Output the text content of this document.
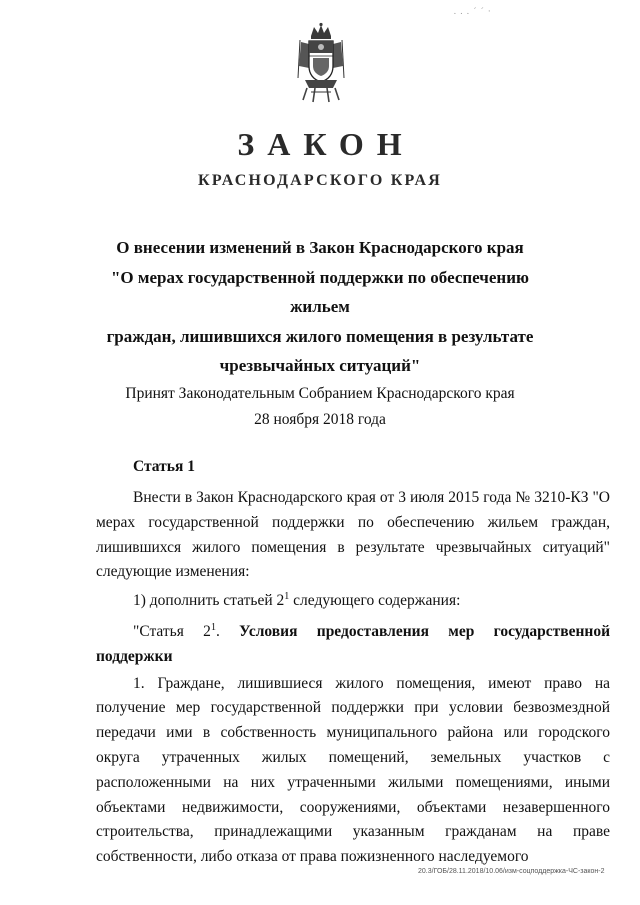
. . . ˊ ˊ ·
ЗАКОН
КРАСНОДАРСКОГО КРАЯ
О внесении изменений в Закон Краснодарского края
"О мерах государственной поддержки по обеспечению жильем
граждан, лишившихся жилого помещения в результате
чрезвычайных ситуаций"
Принят Законодательным Собранием Краснодарского края
28 ноября 2018 года
Статья 1

Внести в Закон Краснодарского края от 3 июля 2015 года № 3210-КЗ "О мерах государственной поддержки по обеспечению жильем граждан, лишившихся жилого помещения в результате чрезвычайных ситуаций" следующие изменения:

1) дополнить статьей $2^1$ следующего содержания:

"Статья $2^1$. Условия предоставления мер государственной поддержки

1. Граждане, лишившиеся жилого помещения, имеют право на получение мер государственной поддержки при условии безвозмездной передачи ими в собственность муниципального района или городского округа утраченных жилых помещений, земельных участков с расположенными на них утраченными жилыми помещениями, иными объектами недвижимости, сооружениями, объектами незавершенного строительства, принадлежащими указанным гражданам на праве собственности, либо отказа от права пожизненного наследуемого

20.3/ГОБ/28.11.2018/10.06/изм-соцподдержка-ЧС-закон-2
